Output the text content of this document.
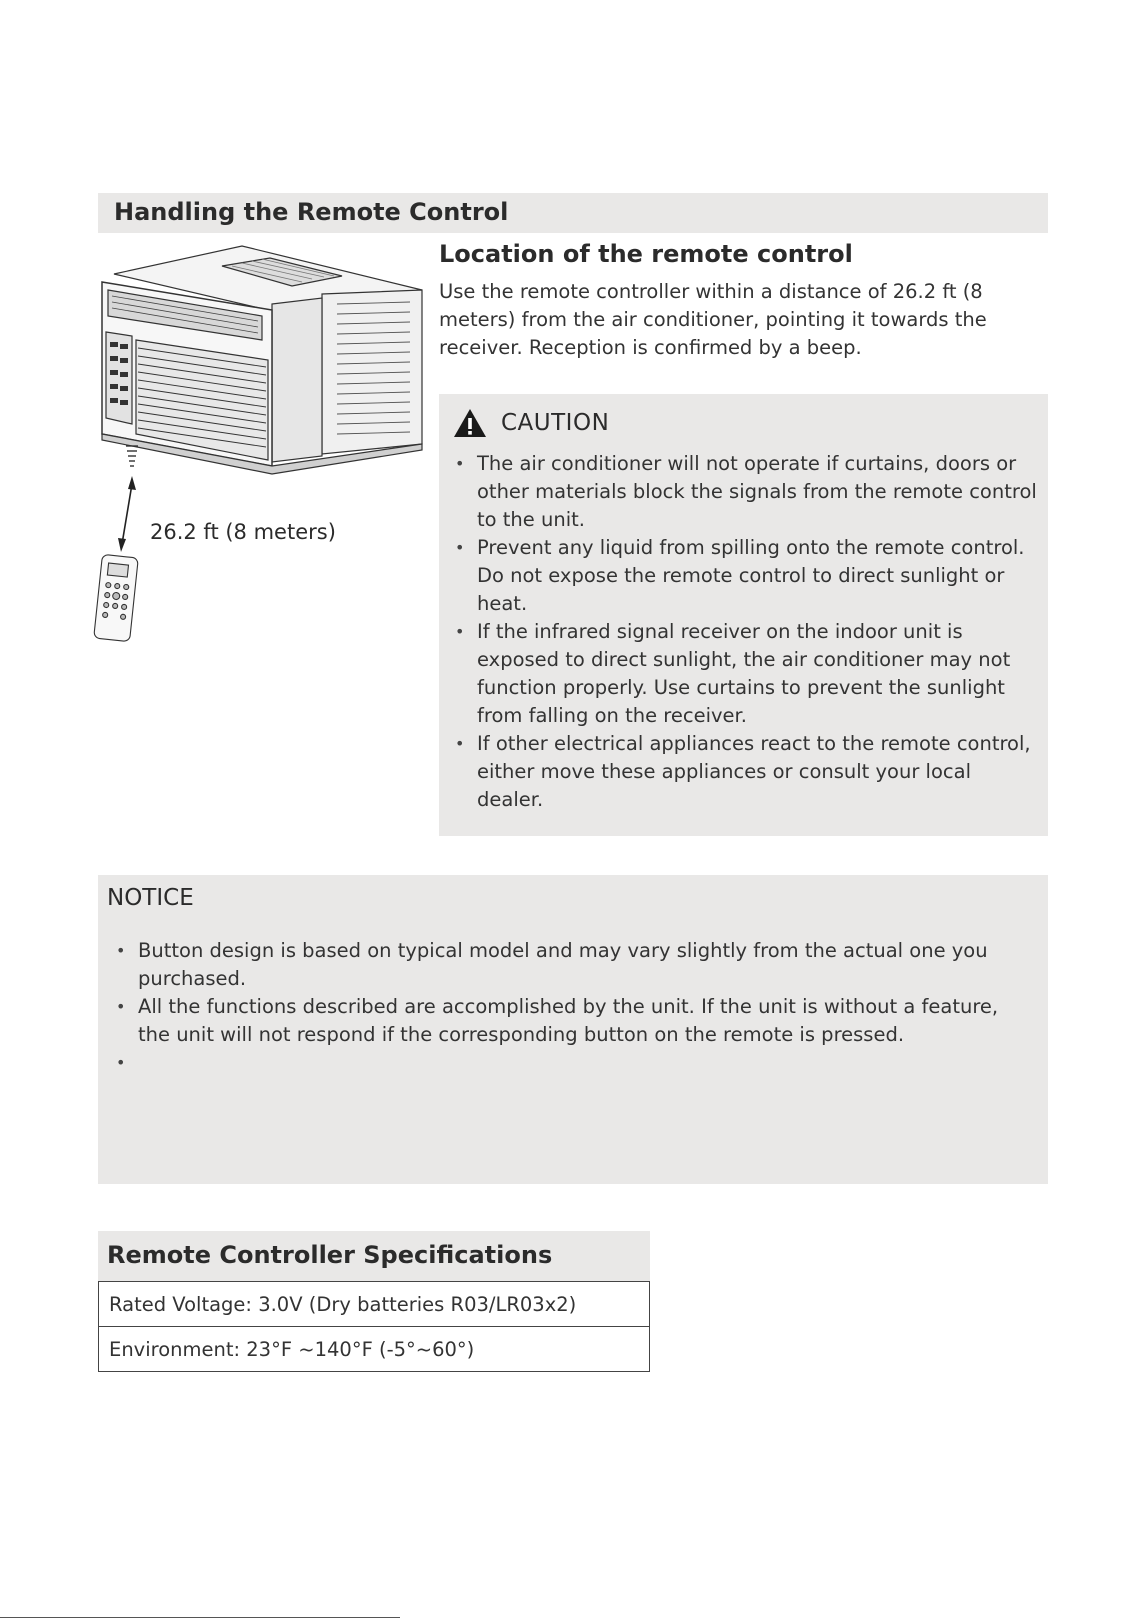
Handling the Remote Control
26.2 ft (8 meters)
Location of the remote control

Use the remote controller within a distance of 26.2 ft (8 meters) from the air conditioner, pointing it towards the receiver. Reception is confirmed by a beep.

CAUTION
• The air conditioner will not operate if curtains, doors or other materials block the signals from the remote control to the unit.
• Prevent any liquid from spilling onto the remote control. Do not expose the remote control to direct sunlight or heat.
• If the infrared signal receiver on the indoor unit is exposed to direct sunlight, the air conditioner may not function properly. Use curtains to prevent the sunlight from falling on the receiver.
• If other electrical appliances react to the remote control, either move these appliances or consult your local dealer.
NOTICE
• Button design is based on typical model and may vary slightly from the actual one you purchased.
• All the functions described are accomplished by the unit. If the unit is without a feature, the unit will not respond if the corresponding button on the remote is pressed.
•
Remote Controller Specifications
Rated Voltage: 3.0V (Dry batteries R03/LR03x2)
Environment: 23°F ~140°F (-5°~60°)
